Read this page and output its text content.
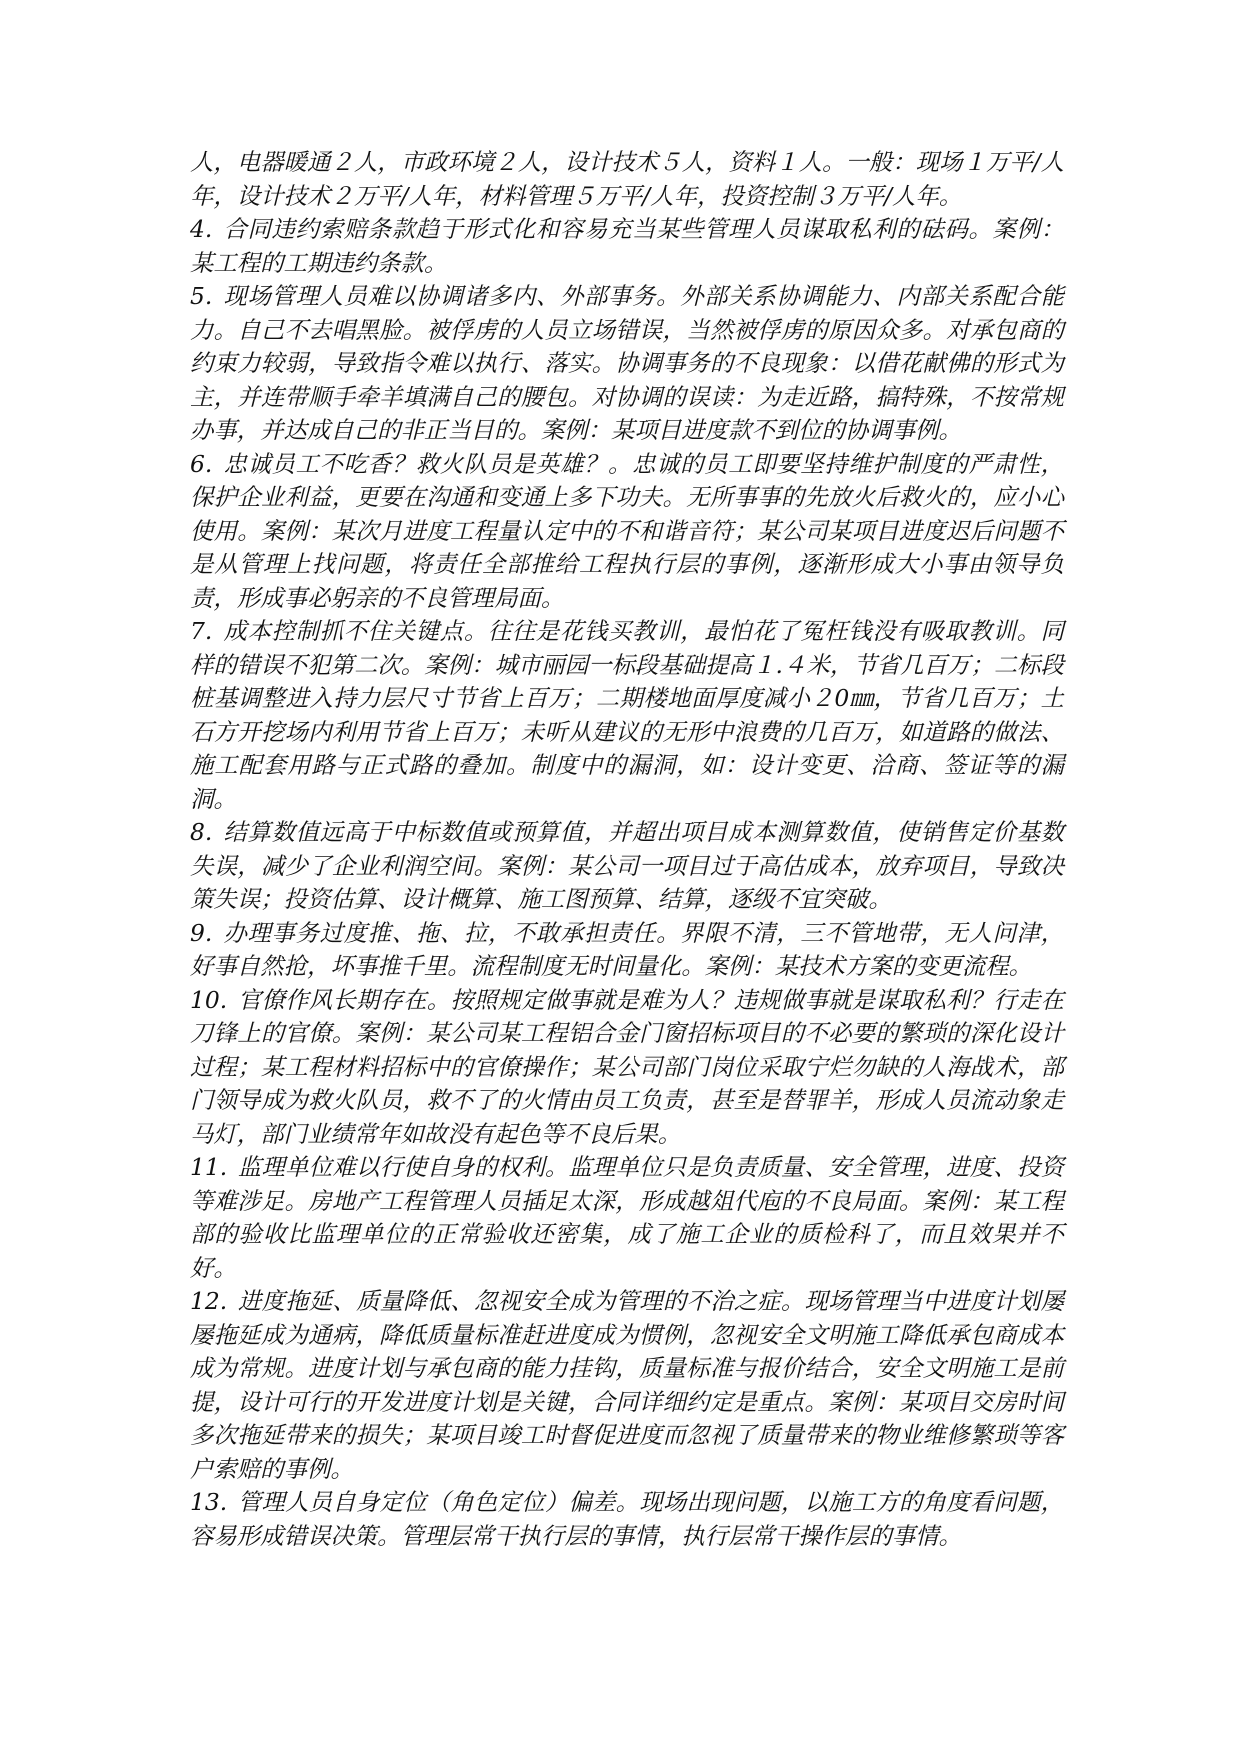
人，电器暖通２人，市政环境２人，设计技术５人，资料１人。一般：现场１万平/人年，设计技术２万平/人年，材料管理５万平/人年，投资控制３万平/人年。

4. 合同违约索赔条款趋于形式化和容易充当某些管理人员谋取私利的砝码。案例：某工程的工期违约条款。

5. 现场管理人员难以协调诸多内、外部事务。外部关系协调能力、内部关系配合能力。自己不去唱黑脸。被俘虏的人员立场错误，当然被俘虏的原因众多。对承包商的约束力较弱，导致指令难以执行、落实。协调事务的不良现象：以借花献佛的形式为主，并连带顺手牵羊填满自己的腰包。对协调的误读：为走近路，搞特殊，不按常规办事，并达成自己的非正当目的。案例：某项目进度款不到位的协调事例。

6. 忠诚员工不吃香？救火队员是英雄？。忠诚的员工即要坚持维护制度的严肃性，保护企业利益，更要在沟通和变通上多下功夫。无所事事的先放火后救火的，应小心使用。案例：某次月进度工程量认定中的不和谐音符；某公司某项目进度迟后问题不是从管理上找问题，将责任全部推给工程执行层的事例，逐渐形成大小事由领导负责，形成事必躬亲的不良管理局面。

7. 成本控制抓不住关键点。往往是花钱买教训，最怕花了冤枉钱没有吸取教训。同样的错误不犯第二次。案例：城市丽园一标段基础提高１.４米，节省几百万；二标段桩基调整进入持力层尺寸节省上百万；二期楼地面厚度减小２0㎜，节省几百万；土石方开挖场内利用节省上百万；未听从建议的无形中浪费的几百万，如道路的做法、施工配套用路与正式路的叠加。制度中的漏洞，如：设计变更、洽商、签证等的漏洞。

8. 结算数值远高于中标数值或预算值，并超出项目成本测算数值，使销售定价基数失误，减少了企业利润空间。案例：某公司一项目过于高估成本，放弃项目，导致决策失误；投资估算、设计概算、施工图预算、结算，逐级不宜突破。

9. 办理事务过度推、拖、拉，不敢承担责任。界限不清，三不管地带，无人问津，好事自然抢，坏事推千里。流程制度无时间量化。案例：某技术方案的变更流程。

10. 官僚作风长期存在。按照规定做事就是难为人？违规做事就是谋取私利？行走在刀锋上的官僚。案例：某公司某工程铝合金门窗招标项目的不必要的繁琐的深化设计过程；某工程材料招标中的官僚操作；某公司部门岗位采取宁烂勿缺的人海战术，部门领导成为救火队员，救不了的火情由员工负责，甚至是替罪羊，形成人员流动象走马灯，部门业绩常年如故没有起色等不良后果。

11. 监理单位难以行使自身的权利。监理单位只是负责质量、安全管理，进度、投资等难涉足。房地产工程管理人员插足太深，形成越俎代庖的不良局面。案例：某工程部的验收比监理单位的正常验收还密集，成了施工企业的质检科了，而且效果并不好。

12. 进度拖延、质量降低、忽视安全成为管理的不治之症。现场管理当中进度计划屡屡拖延成为通病，降低质量标准赶进度成为惯例，忽视安全文明施工降低承包商成本成为常规。进度计划与承包商的能力挂钩，质量标准与报价结合，安全文明施工是前提，设计可行的开发进度计划是关键，合同详细约定是重点。案例：某项目交房时间多次拖延带来的损失；某项目竣工时督促进度而忽视了质量带来的物业维修繁琐等客户索赔的事例。

13. 管理人员自身定位（角色定位）偏差。现场出现问题，以施工方的角度看问题，容易形成错误决策。管理层常干执行层的事情，执行层常干操作层的事情。
